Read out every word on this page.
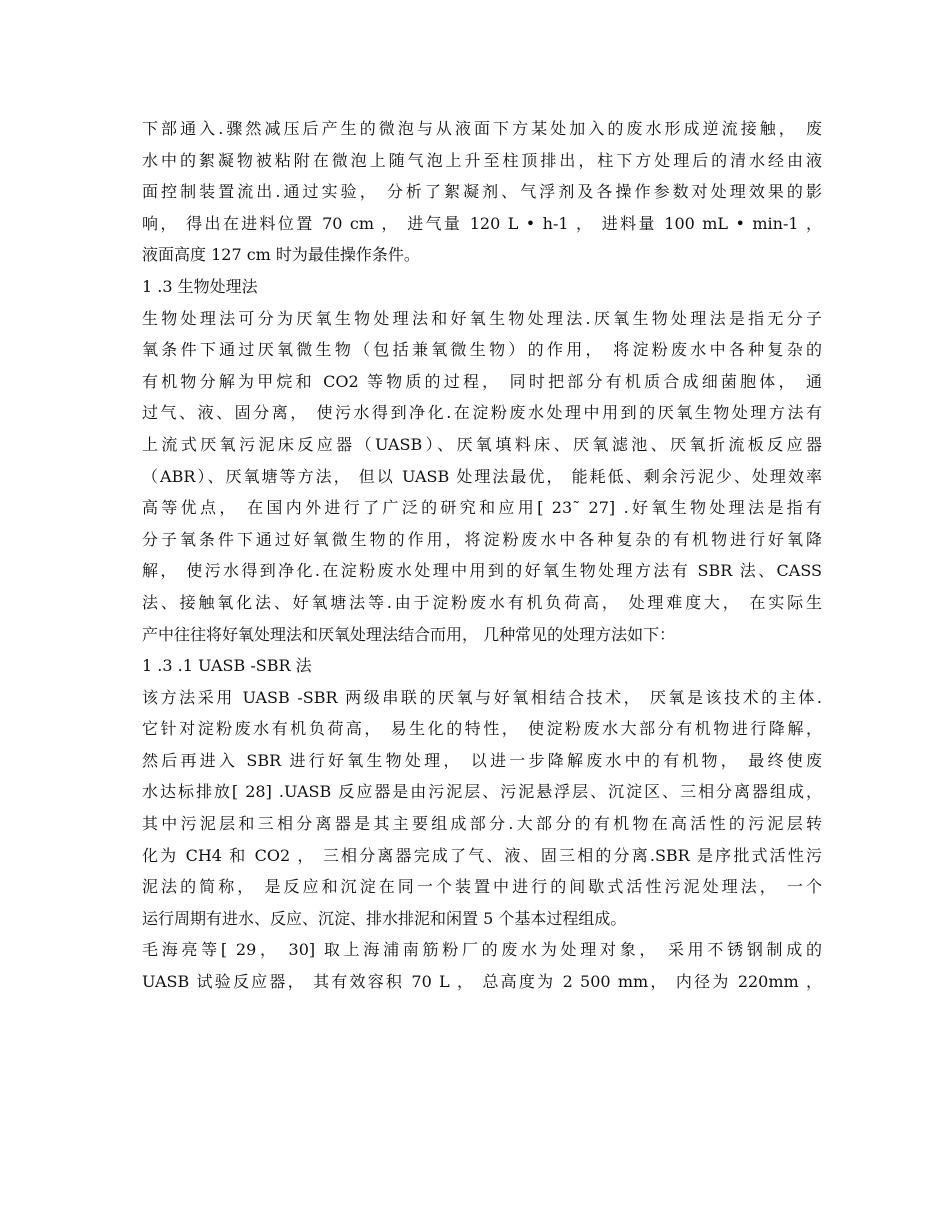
下部通入.骤然减压后产生的微泡与从液面下方某处加入的废水形成逆流接触， 废
水中的絮凝物被粘附在微泡上随气泡上升至柱顶排出，柱下方处理后的清水经由液
面控制装置流出.通过实验， 分析了絮凝剂、气浮剂及各操作参数对处理效果的影
响， 得出在进料位置 70 cm ， 进气量 120 L • h-1 ， 进料量 100 mL • min-1 ，
液面高度 127 cm 时为最佳操作条件。
1 .3 生物处理法
生物处理法可分为厌氧生物处理法和好氧生物处理法.厌氧生物处理法是指无分子
氧条件下通过厌氧微生物（包括兼氧微生物）的作用， 将淀粉废水中各种复杂的
有机物分解为甲烷和 CO2 等物质的过程， 同时把部分有机质合成细菌胞体， 通
过气、液、固分离， 使污水得到净化.在淀粉废水处理中用到的厌氧生物处理方法有
上流式厌氧污泥床反应器（UASB）、厌氧填料床、厌氧滤池、厌氧折流板反应器
（ABR）、厌氧塘等方法， 但以 UASB 处理法最优， 能耗低、剩余污泥少、处理效率
高等优点， 在国内外进行了广泛的研究和应用[ 23˜ 27] .好氧生物处理法是指有
分子氧条件下通过好氧微生物的作用，将淀粉废水中各种复杂的有机物进行好氧降
解， 使污水得到净化.在淀粉废水处理中用到的好氧生物处理方法有 SBR 法、CASS
法、接触氧化法、好氧塘法等.由于淀粉废水有机负荷高， 处理难度大， 在实际生
产中往往将好氧处理法和厌氧处理法结合而用， 几种常见的处理方法如下：
1 .3 .1 UASB -SBR 法
该方法采用 UASB -SBR 两级串联的厌氧与好氧相结合技术， 厌氧是该技术的主体.
它针对淀粉废水有机负荷高， 易生化的特性， 使淀粉废水大部分有机物进行降解，
然后再进入 SBR 进行好氧生物处理， 以进一步降解废水中的有机物， 最终使废
水达标排放[ 28] .UASB 反应器是由污泥层、污泥悬浮层、沉淀区、三相分离器组成，
其中污泥层和三相分离器是其主要组成部分.大部分的有机物在高活性的污泥层转
化为 CH4 和 CO2 ， 三相分离器完成了气、液、固三相的分离.SBR 是序批式活性污
泥法的简称， 是反应和沉淀在同一个装置中进行的间歇式活性污泥处理法， 一个
运行周期有进水、反应、沉淀、排水排泥和闲置 5 个基本过程组成。
毛海亮等[ 29， 30] 取上海浦南筋粉厂的废水为处理对象， 采用不锈钢制成的
UASB 试验反应器， 其有效容积 70 L ， 总高度为 2 500 mm， 内径为 220mm ，
